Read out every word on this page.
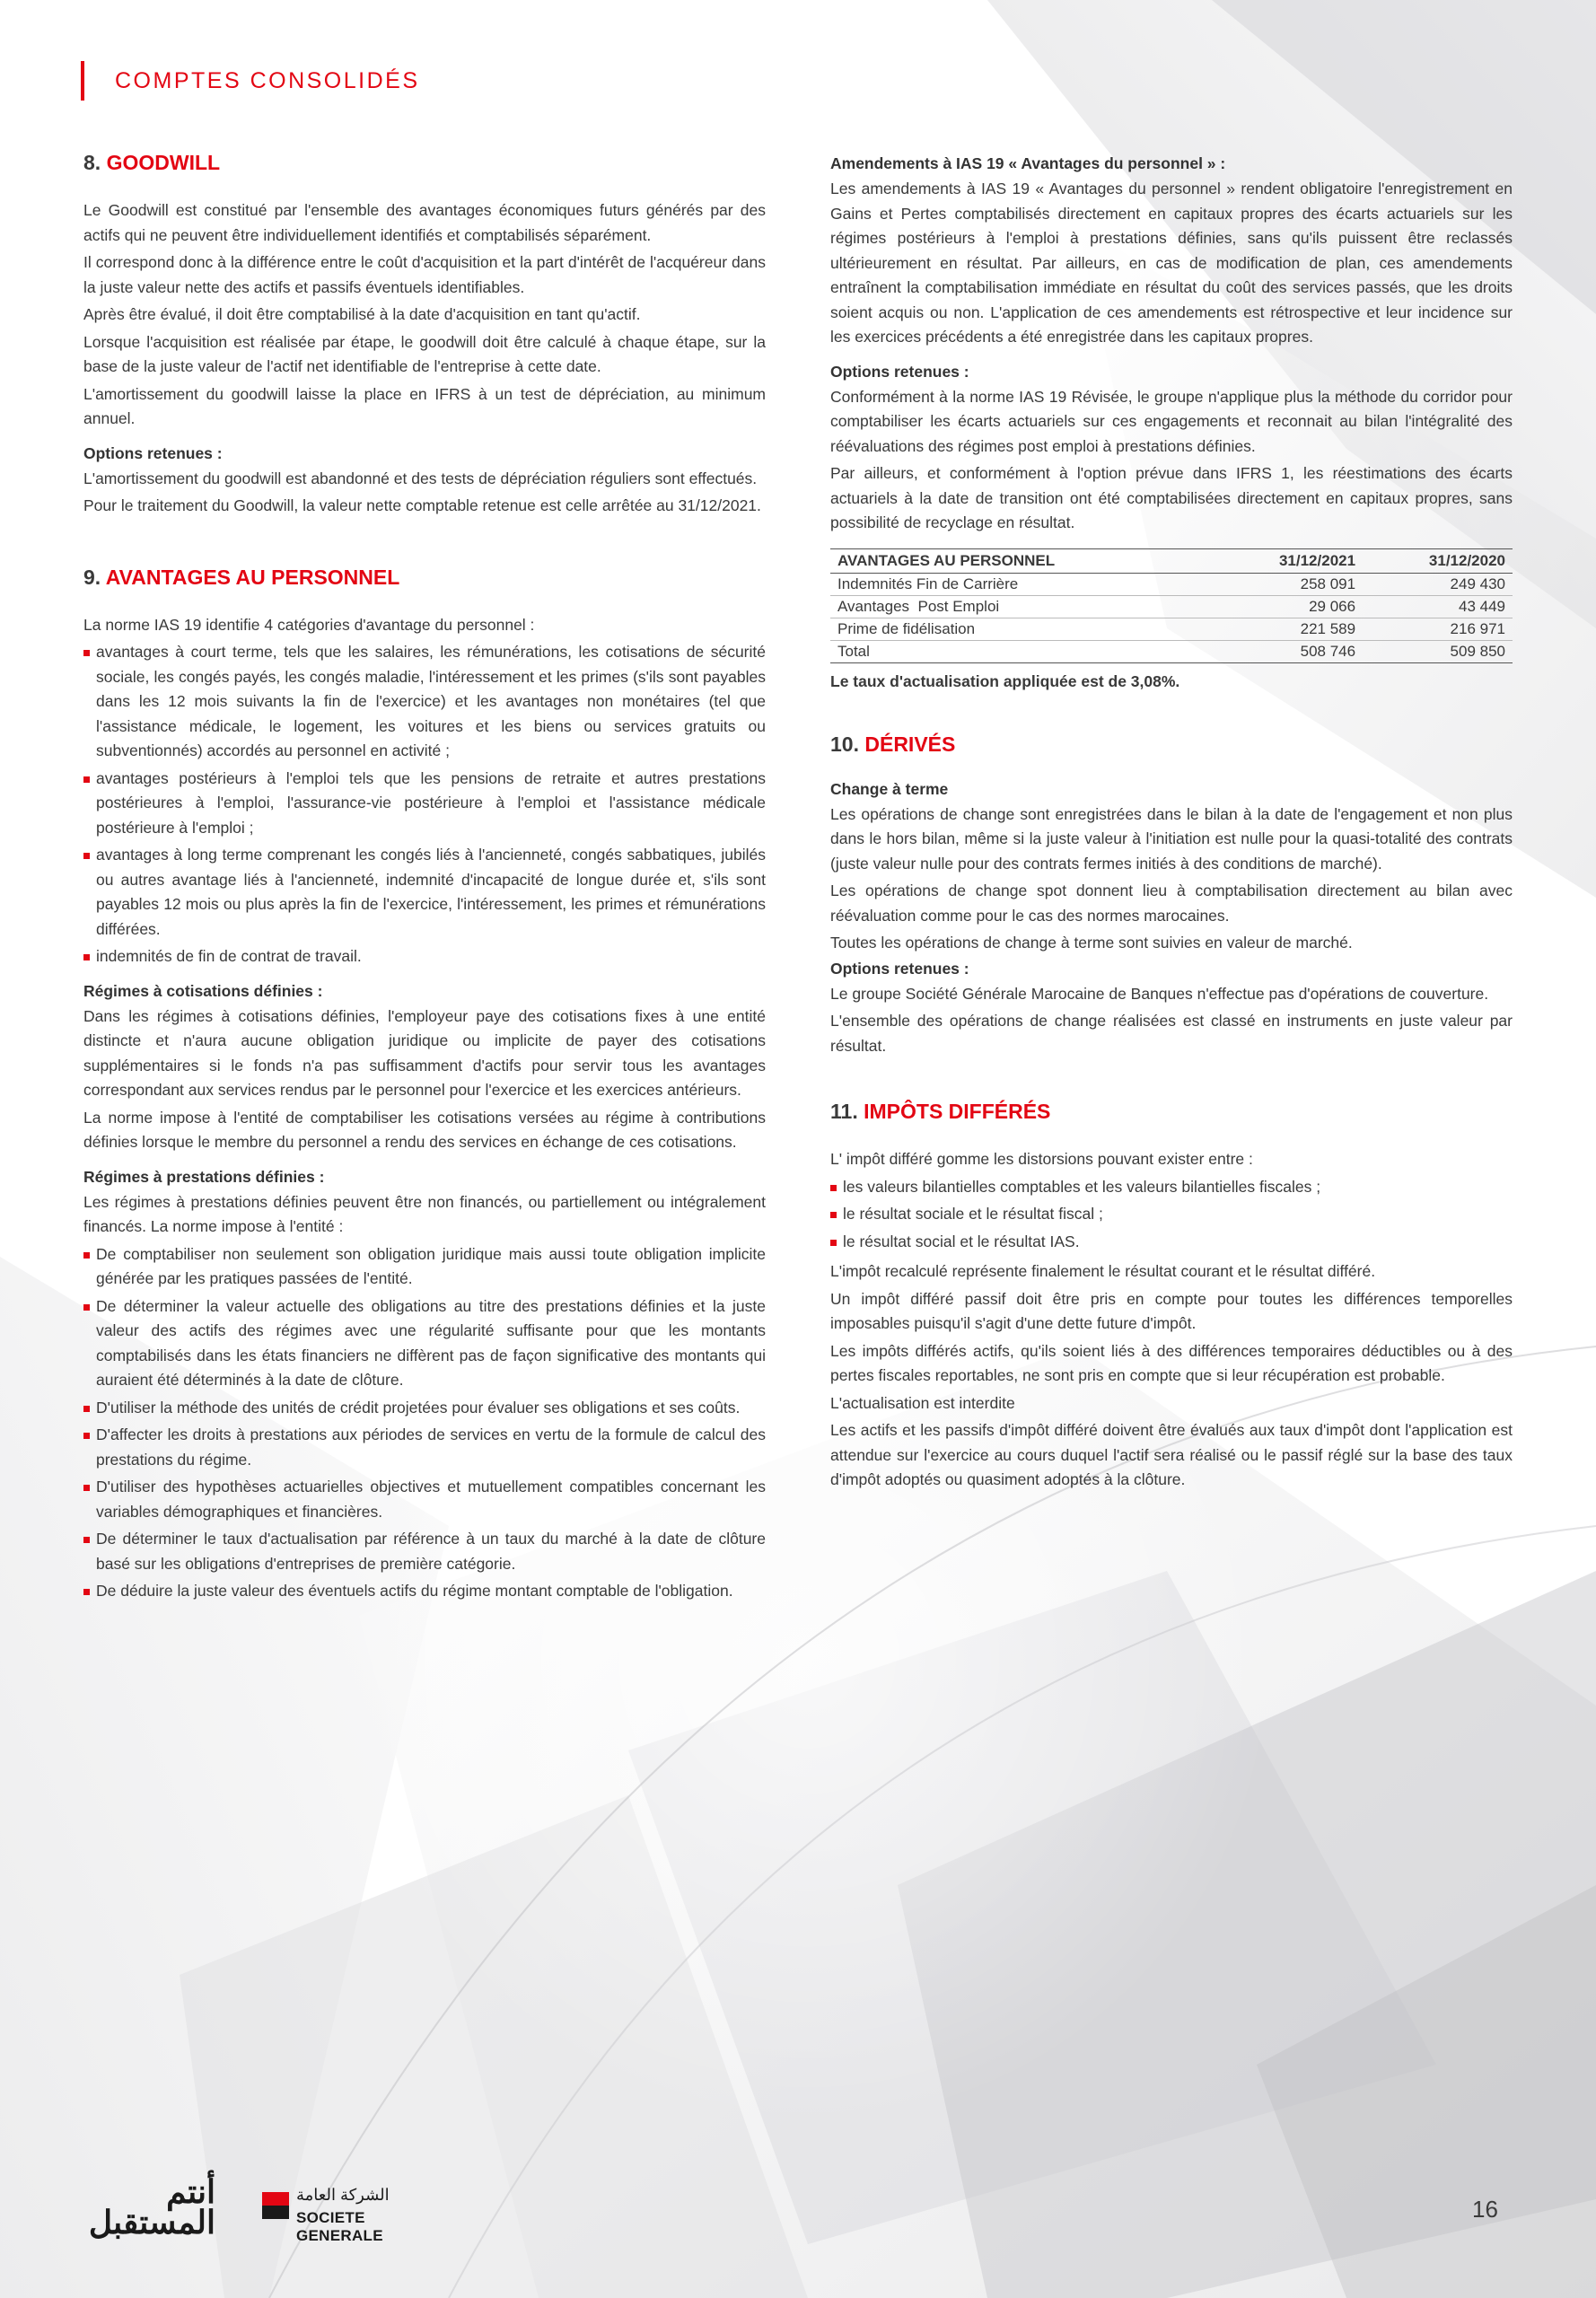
COMPTES CONSOLIDÉS
8. GOODWILL

Le Goodwill est constitué par l'ensemble des avantages économiques futurs générés par des actifs qui ne peuvent être individuellement identifiés et comptabilisés séparément.

Il correspond donc à la différence entre le coût d'acquisition et la part d'intérêt de l'acquéreur dans la juste valeur nette des actifs et passifs éventuels identifiables.

Après être évalué, il doit être comptabilisé à la date d'acquisition en tant qu'actif.

Lorsque l'acquisition est réalisée par étape, le goodwill doit être calculé à chaque étape, sur la base de la juste valeur de l'actif net identifiable de l'entreprise à cette date.

L'amortissement du goodwill laisse la place en IFRS à un test de dépréciation, au minimum annuel.

Options retenues :

L'amortissement du goodwill est abandonné et des tests de dépréciation réguliers sont effectués.

Pour le traitement du Goodwill, la valeur nette comptable retenue est celle arrêtée au 31/12/2021.

9. AVANTAGES AU PERSONNEL

La norme IAS 19 identifie 4 catégories d'avantage du personnel :

avantages à court terme, tels que les salaires, les rémunérations, les cotisations de sécurité sociale, les congés payés, les congés maladie, l'intéressement et les primes (s'ils sont payables dans les 12 mois suivants la fin de l'exercice) et les avantages non monétaires (tel que l'assistance médicale, le logement, les voitures et les biens ou services gratuits ou subventionnés) accordés au personnel en activité ;
avantages postérieurs à l'emploi tels que les pensions de retraite et autres prestations postérieures à l'emploi, l'assurance-vie postérieure à l'emploi et l'assistance médicale postérieure à l'emploi ;
avantages à long terme comprenant les congés liés à l'ancienneté, congés sabbatiques, jubilés ou autres avantage liés à l'ancienneté, indemnité d'incapacité de longue durée et, s'ils sont payables 12 mois ou plus après la fin de l'exercice, l'intéressement, les primes et rémunérations différées.
indemnités de fin de contrat de travail.
Régimes à cotisations définies :

Dans les régimes à cotisations définies, l'employeur paye des cotisations fixes à une entité distincte et n'aura aucune obligation juridique ou implicite de payer des cotisations supplémentaires si le fonds n'a pas suffisamment d'actifs pour servir tous les avantages correspondant aux services rendus par le personnel pour l'exercice et les exercices antérieurs.

La norme impose à l'entité de comptabiliser les cotisations versées au régime à contributions définies lorsque le membre du personnel a rendu des services en échange de ces cotisations.

Régimes à prestations définies :

Les régimes à prestations définies peuvent être non financés, ou partiellement ou intégralement financés. La norme impose à l'entité :

De comptabiliser non seulement son obligation juridique mais aussi toute obligation implicite générée par les pratiques passées de l'entité.
De déterminer la valeur actuelle des obligations au titre des prestations définies et la juste valeur des actifs des régimes avec une régularité suffisante pour que les montants comptabilisés dans les états financiers ne diffèrent pas de façon significative des montants qui auraient été déterminés à la date de clôture.
D'utiliser la méthode des unités de crédit projetées pour évaluer ses obligations et ses coûts.
D'affecter les droits à prestations aux périodes de services en vertu de la formule de calcul des prestations du régime.
D'utiliser des hypothèses actuarielles objectives et mutuellement compatibles concernant les variables démographiques et financières.
De déterminer le taux d'actualisation par référence à un taux du marché à la date de clôture basé sur les obligations d'entreprises de première catégorie.
De déduire la juste valeur des éventuels actifs du régime montant comptable de l'obligation.
Amendements à IAS 19 « Avantages du personnel » :

Les amendements à IAS 19 « Avantages du personnel » rendent obligatoire l'enregistrement en Gains et Pertes comptabilisés directement en capitaux propres des écarts actuariels sur les régimes postérieurs à l'emploi à prestations définies, sans qu'ils puissent être reclassés ultérieurement en résultat. Par ailleurs, en cas de modification de plan, ces amendements entraînent la comptabilisation immédiate en résultat du coût des services passés, que les droits soient acquis ou non. L'application de ces amendements est rétrospective et leur incidence sur les exercices précédents a été enregistrée dans les capitaux propres.

Options retenues :

Conformément à la norme IAS 19 Révisée, le groupe n'applique plus la méthode du corridor pour comptabiliser les écarts actuariels sur ces engagements et reconnait au bilan l'intégralité des réévaluations des régimes post emploi à prestations définies.

Par ailleurs, et conformément à l'option prévue dans IFRS 1, les réestimations des écarts actuariels à la date de transition ont été comptabilisées directement en capitaux propres, sans possibilité de recyclage en résultat.

AVANTAGES AU PERSONNEL	31/12/2021	31/12/2020
Indemnités Fin de Carrière	258 091	249 430
Avantages  Post Emploi	29 066	43 449
Prime de fidélisation	221 589	216 971
Total	508 746	509 850
Le taux d'actualisation appliquée est de 3,08%.
10. DÉRIVÉS
Change à terme

Les opérations de change sont enregistrées dans le bilan à la date de l'engagement et non plus dans le hors bilan, même si la juste valeur à l'initiation est nulle pour la quasi-totalité des contrats (juste valeur nulle pour des contrats fermes initiés à des conditions de marché).

Les opérations de change spot donnent lieu à comptabilisation directement au bilan avec réévaluation comme pour le cas des normes marocaines.

Toutes les opérations de change à terme sont suivies en valeur de marché.

Options retenues :

Le groupe Société Générale Marocaine de Banques n'effectue pas d'opérations de couverture.

L'ensemble des opérations de change réalisées est classé en instruments en juste valeur par résultat.

11. IMPÔTS DIFFÉRÉS

L' impôt différé gomme les distorsions pouvant exister entre :

les valeurs bilantielles comptables et les valeurs bilantielles fiscales ;
le résultat sociale et le résultat fiscal ;
le résultat social et le résultat IAS.

L'impôt recalculé représente finalement le résultat courant et le résultat différé.

Un impôt différé passif doit être pris en compte pour toutes les différences temporelles imposables puisqu'il s'agit d'une dette future d'impôt.

Les impôts différés actifs, qu'ils soient liés à des différences temporaires déductibles ou à des pertes fiscales reportables, ne sont pris en compte que si leur récupération est probable.

L'actualisation est interdite

Les actifs et les passifs d'impôt différé doivent être évalués aux taux d'impôt dont l'application est attendue sur l'exercice au cours duquel l'actif sera réalisé ou le passif réglé sur la base des taux d'impôt adoptés ou quasiment adoptés à la clôture.

أنتم
المستقبل
الشركة العامة
SOCIETE GENERALE
16
